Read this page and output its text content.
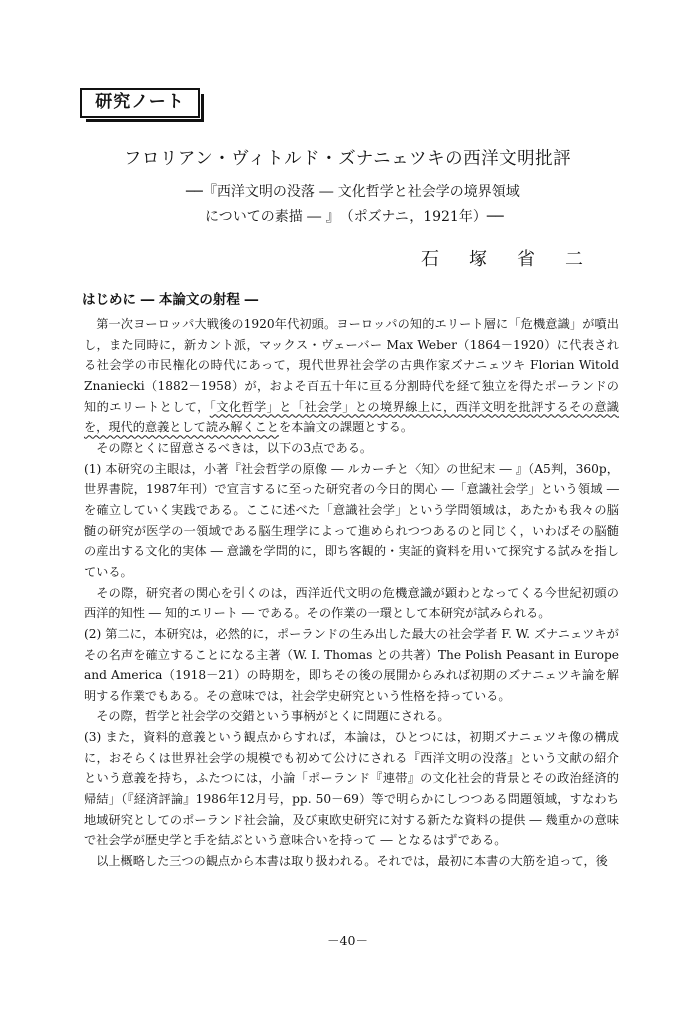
研究ノート
フロリアン・ヴィトルド・ズナニェツキの西洋文明批評
──『西洋文明の没落 ― 文化哲学と社会学の境界領域
についての素描 ― 』　（ポズナニ，1921年）──
石塚省二
はじめに ― 本論文の射程 ―

第一次ヨーロッパ大戦後の1920年代初頭。ヨーロッパの知的エリート層に「危機意識」が噴出し，また同時に，新カント派，マックス・ヴェーバー Max Weber（1864－1920）に代表される社会学の市民権化の時代にあって，現代世界社会学の古典作家ズナニェツキ Florian Witold Znaniecki（1882－1958）が，およそ百五十年に亘る分割時代を経て独立を得たポーランドの知的エリートとして，「文化哲学」と「社会学」との境界線上に，西洋文明を批評するその意識を，現代的意義として読み解くことを本論文の課題とする。

その際とくに留意さるべきは，以下の3点である。

(1) 本研究の主眼は，小著『社会哲学の原像 ― ルカーチと〈知〉の世紀末 ― 』（A5判，360p，世界書院，1987年刊）で宣言するに至った研究者の今日的関心 ―「意識社会学」という領域 ― を確立していく実践である。ここに述べた「意識社会学」という学問領域は，あたかも我々の脳髄の研究が医学の一領域である脳生理学によって進められつつあるのと同じく，いわばその脳髄の産出する文化的実体 ― 意識を学問的に，即ち客観的・実証的資料を用いて探究する試みを指している。

その際，研究者の関心を引くのは，西洋近代文明の危機意識が顕わとなってくる今世紀初頭の西洋的知性 ― 知的エリート ― である。その作業の一環として本研究が試みられる。

(2) 第二に，本研究は，必然的に，ポーランドの生み出した最大の社会学者 F. W. ズナニェツキがその名声を確立することになる主著（W. I. Thomas との共著）The Polish Peasant in Europe and America（1918－21）の時期を，即ちその後の展開からみれば初期のズナニェツキ論を解明する作業でもある。その意味では，社会学史研究という性格を持っている。

その際，哲学と社会学の交錯という事柄がとくに問題にされる。

(3) また，資料的意義という観点からすれば，本論は，ひとつには，初期ズナニェツキ像の構成に，おそらくは世界社会学の規模でも初めて公けにされる『西洋文明の没落』という文献の紹介という意義を持ち，ふたつには，小論「ポーランド『連帯』の文化社会的背景とその政治経済的帰結」（『経済評論』1986年12月号，pp. 50－69）等で明らかにしつつある問題領域，すなわち地域研究としてのポーランド社会論，及び東欧史研究に対する新たな資料の提供 ― 幾重かの意味で社会学が歴史学と手を結ぶという意味合いを持って ― となるはずである。

以上概略した三つの観点から本書は取り扱われる。それでは，最初に本書の大筋を追って，後

－40－
